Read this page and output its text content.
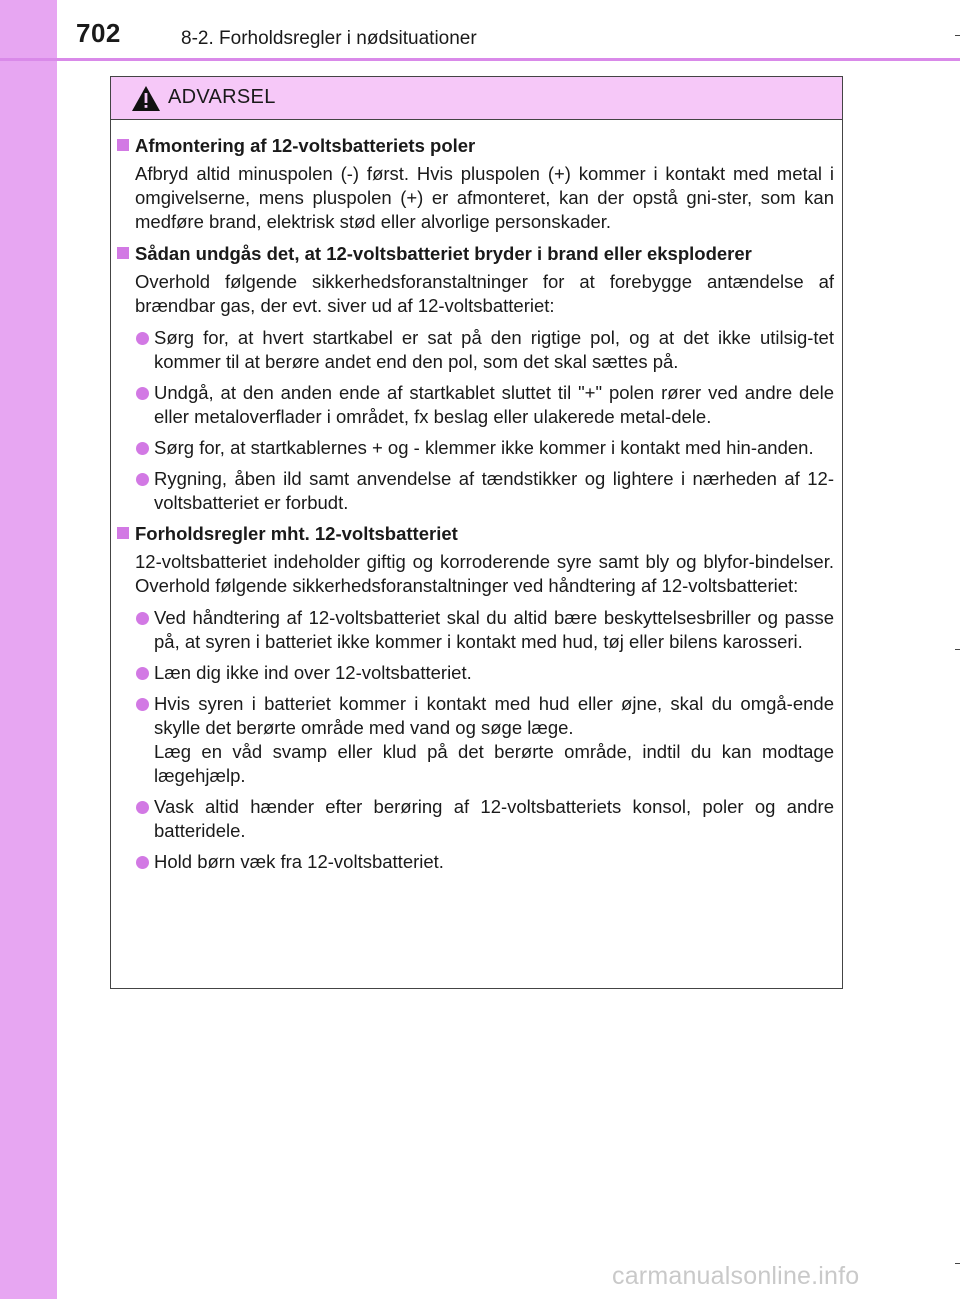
702	8-2. Forholdsregler i nødsituationer
ADVARSEL
Afmontering af 12-voltsbatteriets poler
Afbryd altid minuspolen (-) først. Hvis pluspolen (+) kommer i kontakt med metal i omgivelserne, mens pluspolen (+) er afmonteret, kan der opstå gni-ster, som kan medføre brand, elektrisk stød eller alvorlige personskader.
Sådan undgås det, at 12-voltsbatteriet bryder i brand eller eksploderer
Overhold følgende sikkerhedsforanstaltninger for at forebygge antændelse af brændbar gas, der evt. siver ud af 12-voltsbatteriet:
Sørg for, at hvert startkabel er sat på den rigtige pol, og at det ikke utilsig-tet kommer til at berøre andet end den pol, som det skal sættes på.
Undgå, at den anden ende af startkablet sluttet til "+" polen rører ved andre dele eller metaloverflader i området, fx beslag eller ulakerede metal-dele.
Sørg for, at startkablernes + og - klemmer ikke kommer i kontakt med hin-anden.
Rygning, åben ild samt anvendelse af tændstikker og lightere i nærheden af 12-voltsbatteriet er forbudt.
Forholdsregler mht. 12-voltsbatteriet
12-voltsbatteriet indeholder giftig og korroderende syre samt bly og blyfor-bindelser. Overhold følgende sikkerhedsforanstaltninger ved håndtering af 12-voltsbatteriet:
Ved håndtering af 12-voltsbatteriet skal du altid bære beskyttelsesbriller og passe på, at syren i batteriet ikke kommer i kontakt med hud, tøj eller bilens karosseri.
Læn dig ikke ind over 12-voltsbatteriet.
Hvis syren i batteriet kommer i kontakt med hud eller øjne, skal du omgå-ende skylle det berørte område med vand og søge læge.
Læg en våd svamp eller klud på det berørte område, indtil du kan modtage lægehjælp.
Vask altid hænder efter berøring af 12-voltsbatteriets konsol, poler og andre batteridele.
Hold børn væk fra 12-voltsbatteriet.
carmanualsonline.info
